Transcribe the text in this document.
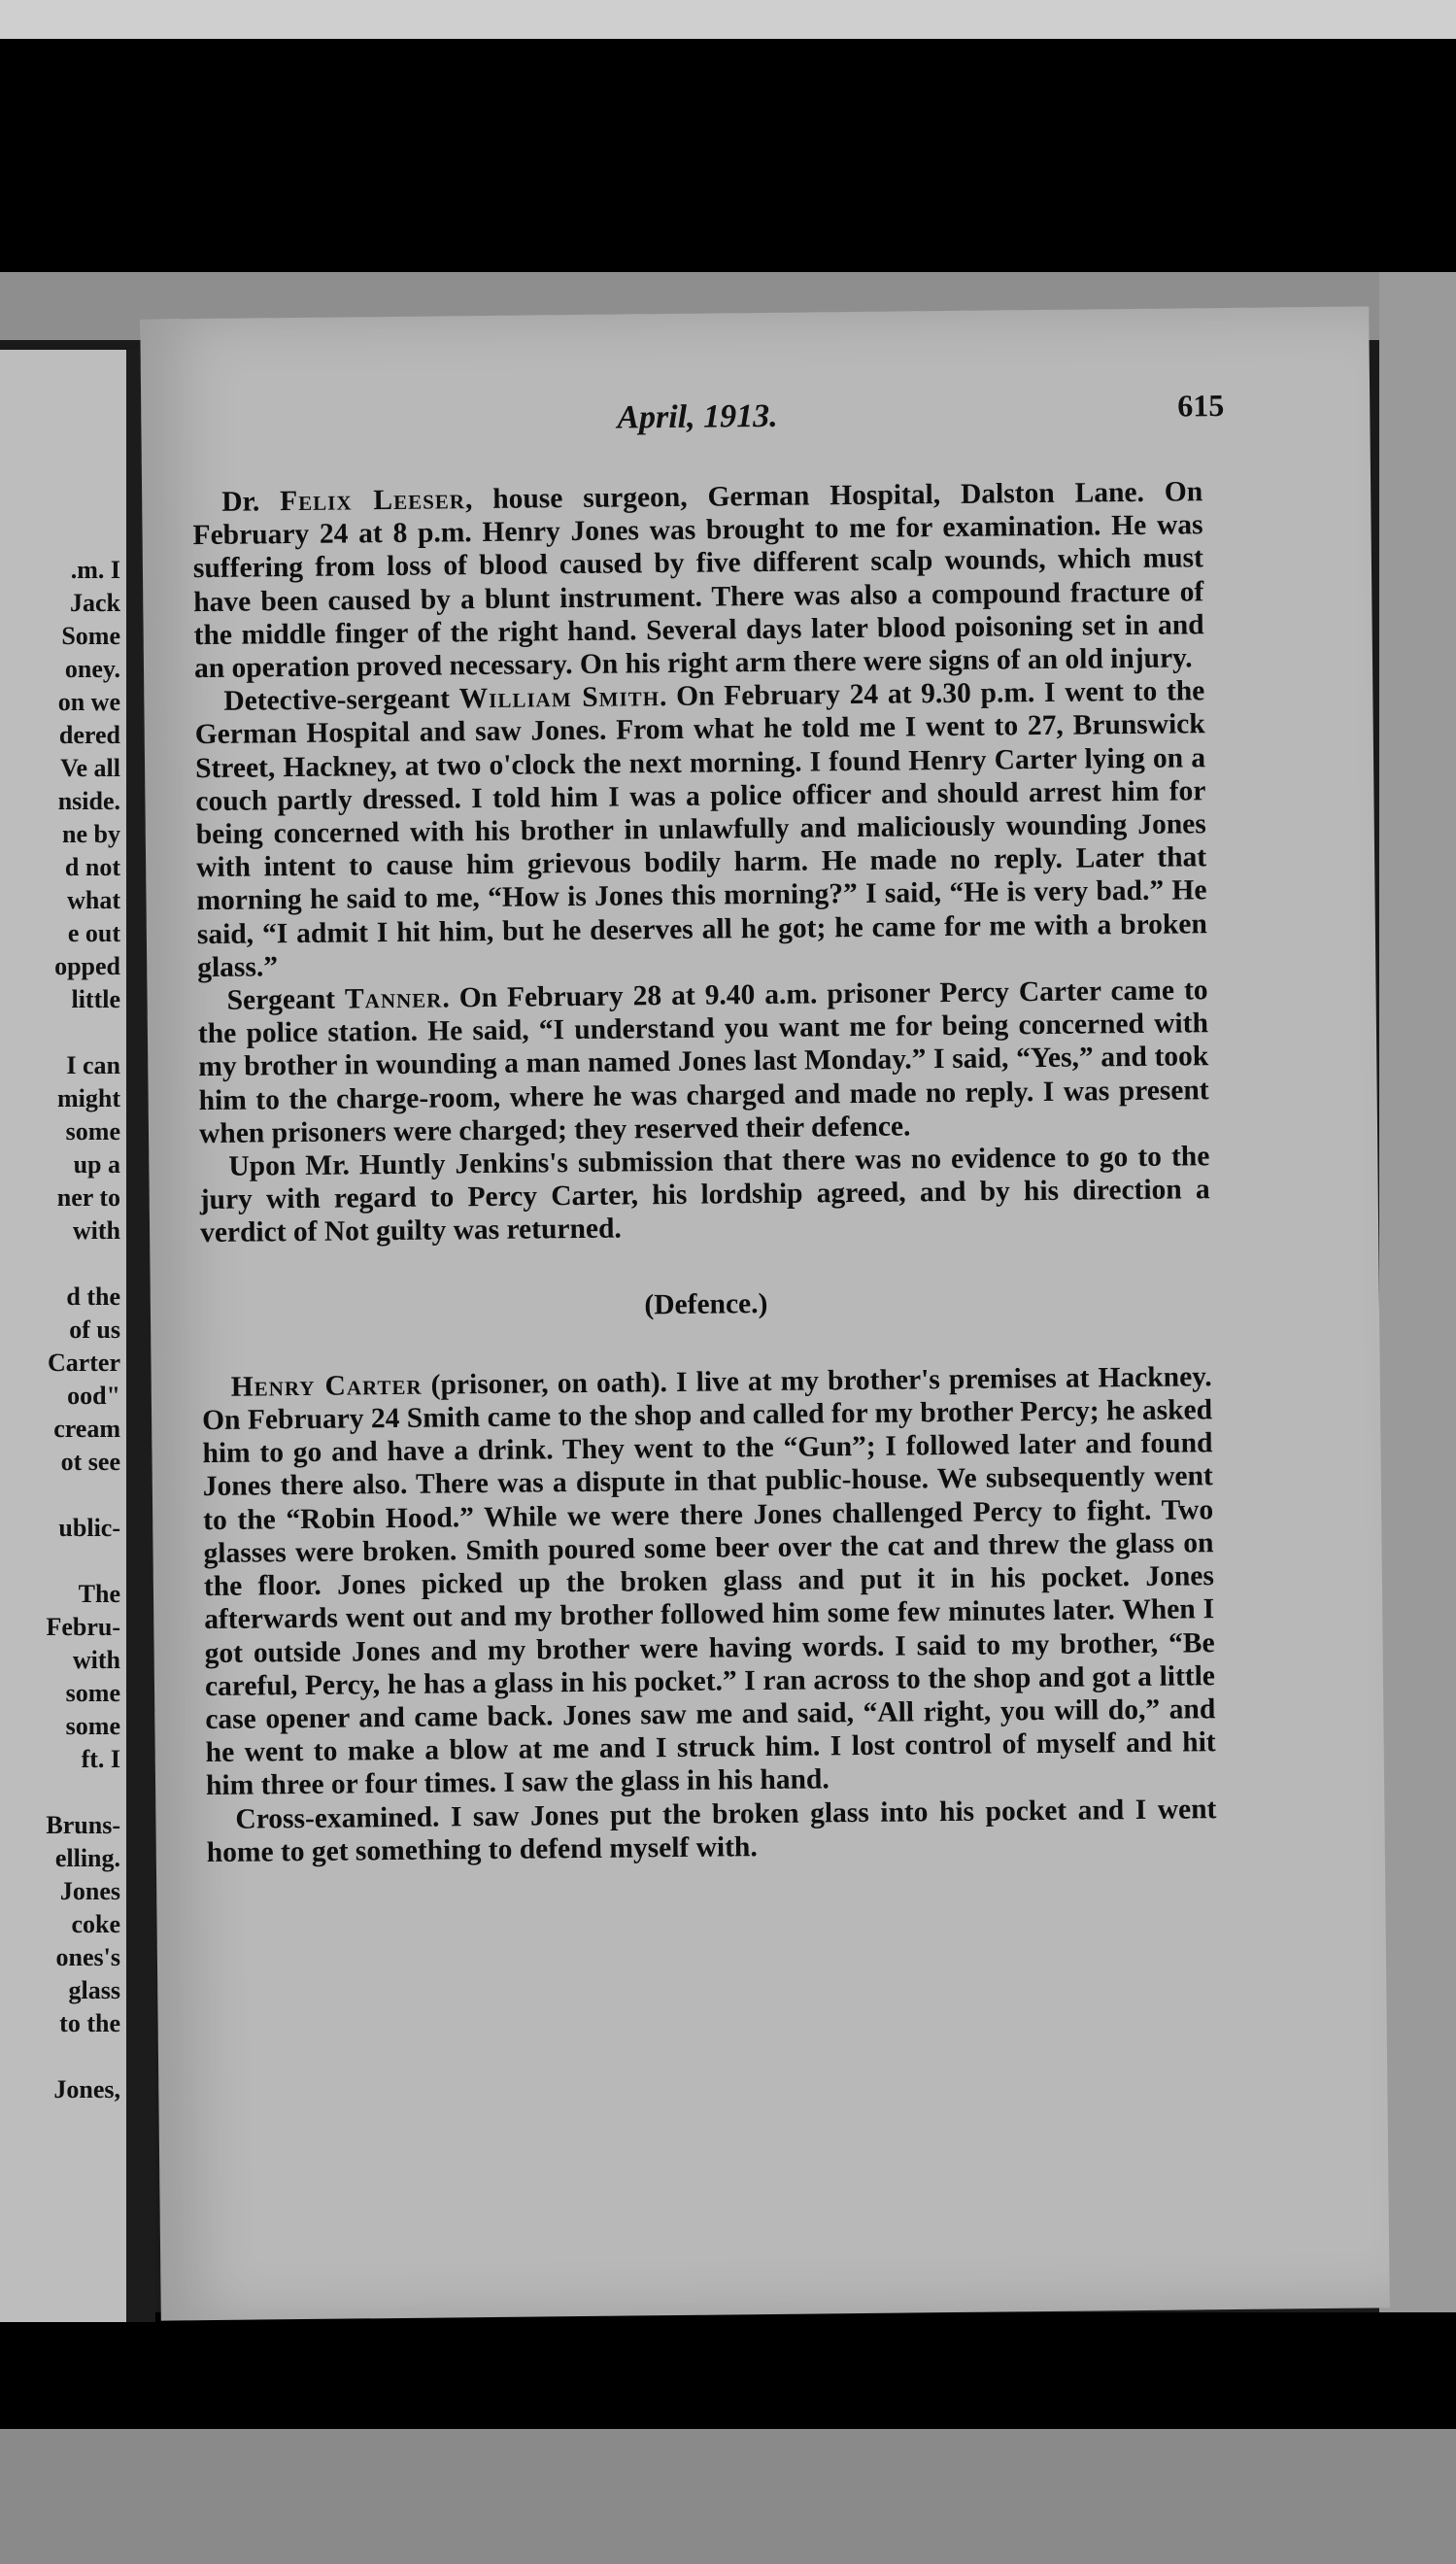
.m. I
Jack
Some
oney.
on we
dered
Ve all
nside.
ne by
d not
what
e out
opped
little
I can
might
some
up a
ner to
with
d the
of us
Carter
ood"
cream
ot see
ublic-
The
Febru-
with
some
some
ft. I
Bruns-
elling.
Jones
coke
ones's
glass
to the
Jones,
April, 1913.	615

Dr. Felix Leeser, house surgeon, German Hospital, Dalston Lane. On February 24 at 8 p.m. Henry Jones was brought to me for examination. He was suffering from loss of blood caused by five different scalp wounds, which must have been caused by a blunt instrument. There was also a compound fracture of the middle finger of the right hand. Several days later blood poisoning set in and an operation proved necessary. On his right arm there were signs of an old injury.

Detective-sergeant William Smith. On February 24 at 9.30 p.m. I went to the German Hospital and saw Jones. From what he told me I went to 27, Brunswick Street, Hackney, at two o'clock the next morning. I found Henry Carter lying on a couch partly dressed. I told him I was a police officer and should arrest him for being concerned with his brother in unlawfully and maliciously wounding Jones with intent to cause him grievous bodily harm. He made no reply. Later that morning he said to me, “How is Jones this morning?” I said, “He is very bad.” He said, “I admit I hit him, but he deserves all he got; he came for me with a broken glass.”

Sergeant Tanner. On February 28 at 9.40 a.m. prisoner Percy Carter came to the police station. He said, “I understand you want me for being concerned with my brother in wounding a man named Jones last Monday.” I said, “Yes,” and took him to the charge-room, where he was charged and made no reply. I was present when prisoners were charged; they reserved their defence.

Upon Mr. Huntly Jenkins's submission that there was no evidence to go to the jury with regard to Percy Carter, his lordship agreed, and by his direction a verdict of Not guilty was returned.

(Defence.)

Henry Carter (prisoner, on oath). I live at my brother's premises at Hackney. On February 24 Smith came to the shop and called for my brother Percy; he asked him to go and have a drink. They went to the “Gun”; I followed later and found Jones there also. There was a dispute in that public-house. We subsequently went to the “Robin Hood.” While we were there Jones challenged Percy to fight. Two glasses were broken. Smith poured some beer over the cat and threw the glass on the floor. Jones picked up the broken glass and put it in his pocket. Jones afterwards went out and my brother followed him some few minutes later. When I got outside Jones and my brother were having words. I said to my brother, “Be careful, Percy, he has a glass in his pocket.” I ran across to the shop and got a little case opener and came back. Jones saw me and said, “All right, you will do,” and he went to make a blow at me and I struck him. I lost control of myself and hit him three or four times. I saw the glass in his hand.

Cross-examined. I saw Jones put the broken glass into his pocket and I went home to get something to defend myself with.
